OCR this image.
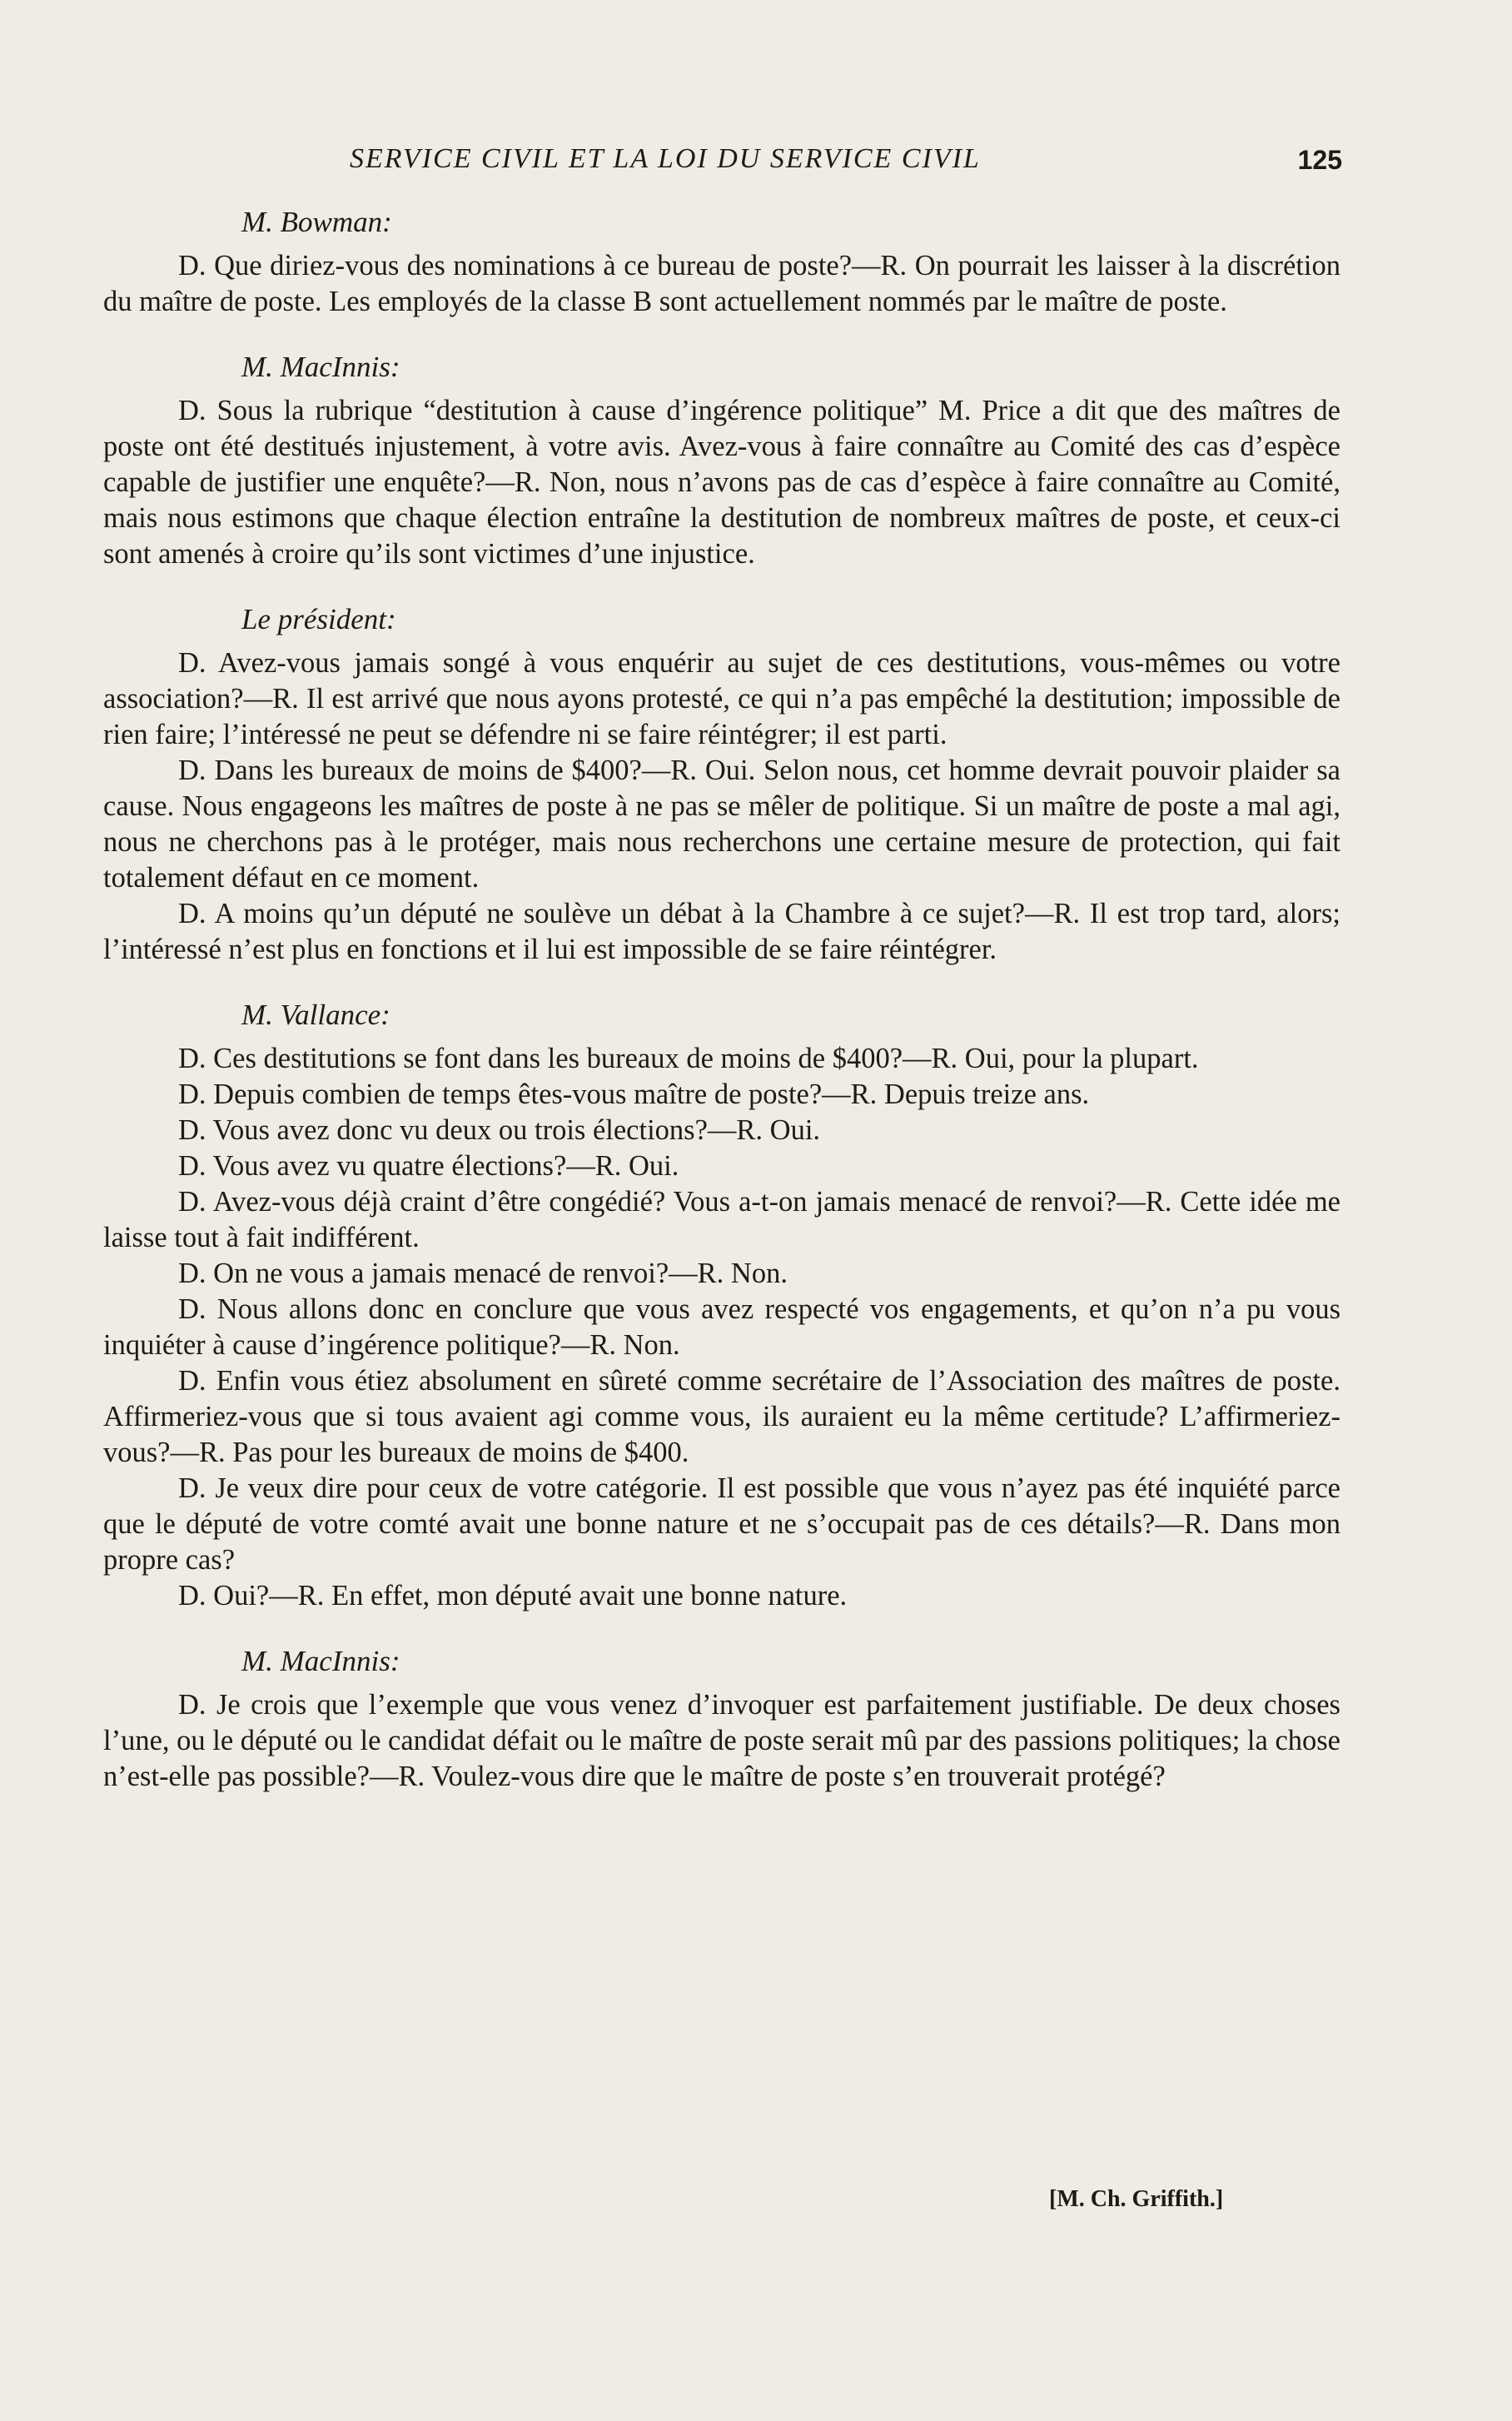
SERVICE CIVIL ET LA LOI DU SERVICE CIVIL	125
M. Bowman:

D. Que diriez-vous des nominations à ce bureau de poste?—R. On pourrait les laisser à la discrétion du maître de poste. Les employés de la classe B sont actuellement nommés par le maître de poste.

M. MacInnis:

D. Sous la rubrique “destitution à cause d’ingérence politique” M. Price a dit que des maîtres de poste ont été destitués injustement, à votre avis. Avez-vous à faire connaître au Comité des cas d’espèce capable de justifier une enquête?—R. Non, nous n’avons pas de cas d’espèce à faire connaître au Comité, mais nous estimons que chaque élection entraîne la destitution de nombreux maîtres de poste, et ceux-ci sont amenés à croire qu’ils sont victimes d’une injustice.

Le président:

D. Avez-vous jamais songé à vous enquérir au sujet de ces destitutions, vous-mêmes ou votre association?—R. Il est arrivé que nous ayons protesté, ce qui n’a pas empêché la destitution; impossible de rien faire; l’intéressé ne peut se défendre ni se faire réintégrer; il est parti.

D. Dans les bureaux de moins de $400?—R. Oui. Selon nous, cet homme devrait pouvoir plaider sa cause. Nous engageons les maîtres de poste à ne pas se mêler de politique. Si un maître de poste a mal agi, nous ne cherchons pas à le protéger, mais nous recherchons une certaine mesure de protection, qui fait totalement défaut en ce moment.

D. A moins qu’un député ne soulève un débat à la Chambre à ce sujet?—R. Il est trop tard, alors; l’intéressé n’est plus en fonctions et il lui est impossible de se faire réintégrer.

M. Vallance:

D. Ces destitutions se font dans les bureaux de moins de $400?—R. Oui, pour la plupart.

D. Depuis combien de temps êtes-vous maître de poste?—R. Depuis treize ans.

D. Vous avez donc vu deux ou trois élections?—R. Oui.

D. Vous avez vu quatre élections?—R. Oui.

D. Avez-vous déjà craint d’être congédié? Vous a-t-on jamais menacé de renvoi?—R. Cette idée me laisse tout à fait indifférent.

D. On ne vous a jamais menacé de renvoi?—R. Non.

D. Nous allons donc en conclure que vous avez respecté vos engagements, et qu’on n’a pu vous inquiéter à cause d’ingérence politique?—R. Non.

D. Enfin vous étiez absolument en sûreté comme secrétaire de l’Association des maîtres de poste. Affirmeriez-vous que si tous avaient agi comme vous, ils auraient eu la même certitude? L’affirmeriez-vous?—R. Pas pour les bureaux de moins de $400.

D. Je veux dire pour ceux de votre catégorie. Il est possible que vous n’ayez pas été inquiété parce que le député de votre comté avait une bonne nature et ne s’occupait pas de ces détails?—R. Dans mon propre cas?

D. Oui?—R. En effet, mon député avait une bonne nature.

M. MacInnis:

D. Je crois que l’exemple que vous venez d’invoquer est parfaitement justifiable. De deux choses l’une, ou le député ou le candidat défait ou le maître de poste serait mû par des passions politiques; la chose n’est-elle pas possible?—R. Voulez-vous dire que le maître de poste s’en trouverait protégé?

[M. Ch. Griffith.]
